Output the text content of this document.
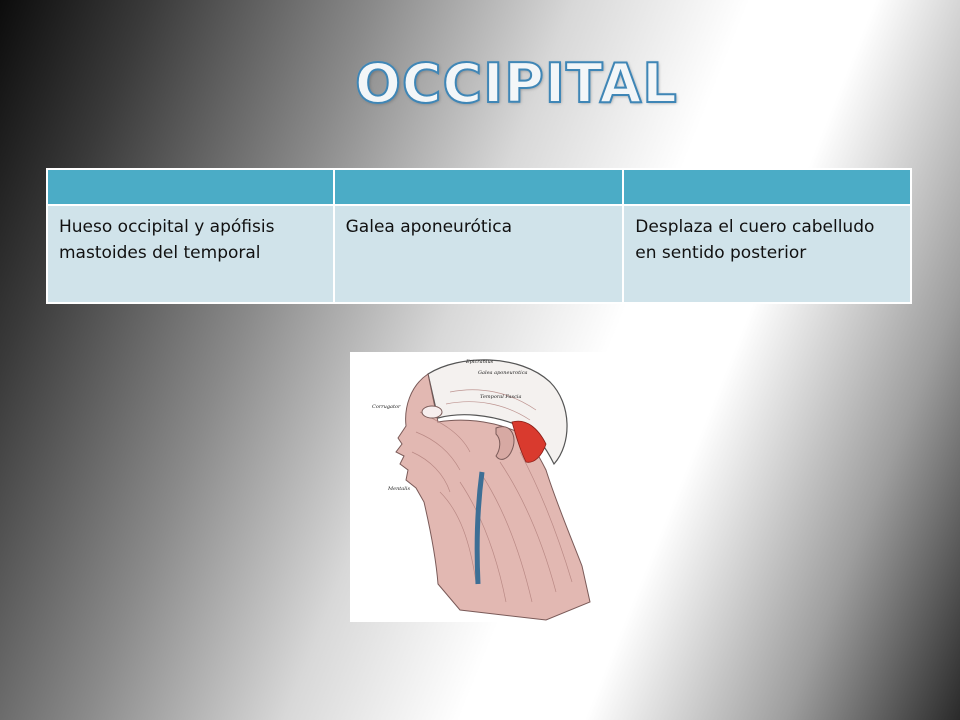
OCCIPITAL

Hueso occipital y apófisis mastoides del temporal	Galea aponeurótica	Desplaza el cuero cabelludo en sentido posterior
Epicranius
Galea aponeurotica
Temporal Fascia
Corrugator
Mentalis
